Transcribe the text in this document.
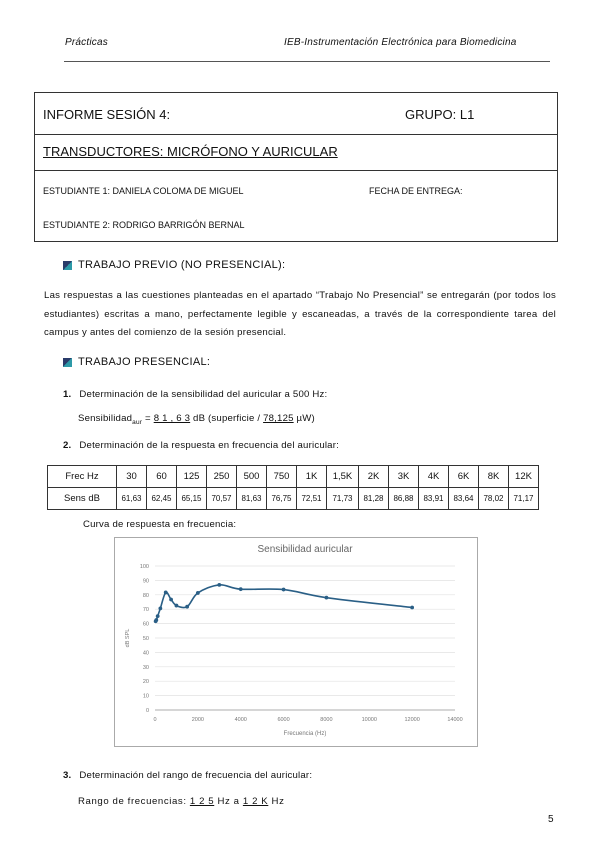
Prácticas	IEB-Instrumentación Electrónica para Biomedicina
INFORME SESIÓN 4:	GRUPO: L1
TRANSDUCTORES: MICRÓFONO Y AURICULAR
ESTUDIANTE 1: DANIELA COLOMA DE MIGUEL	FECHA DE ENTREGA:
ESTUDIANTE 2: RODRIGO BARRIGÓN BERNAL
TRABAJO PREVIO (NO PRESENCIAL):
Las respuestas a las cuestiones planteadas en el apartado “Trabajo No Presencial” se entregarán (por todos los estudiantes) escritas a mano, perfectamente legible y escaneadas, a través de la correspondiente tarea del campus y antes del comienzo de la sesión presencial.
TRABAJO PRESENCIAL:
1. Determinación de la sensibilidad del auricular a 500 Hz:
Sensibilidad$_{aur}$ = 8 1 , 6 3 dB (superficie / 78,125 µW)
2. Determinación de la respuesta en frecuencia del auricular:
Frec Hz	30	60	125	250	500	750	1K	1,5K	2K	3K	4K	6K	8K	12K
Sens dB	61,63	62,45	65,15	70,57	81,63	76,75	72,51	71,73	81,28	86,88	83,91	83,64	78,02	71,17
Curva de respuesta en frecuencia:
Sensibilidad auricular
0
10
20
30
40
50
60
70
80
90
100
0	2000	4000	6000	8000	10000	12000	14000
Frecuencia (Hz)
dB SPL
3. Determinación del rango de frecuencia del auricular:
Rango de frecuencias: 1 2 5 Hz a 1 2 K Hz
5
